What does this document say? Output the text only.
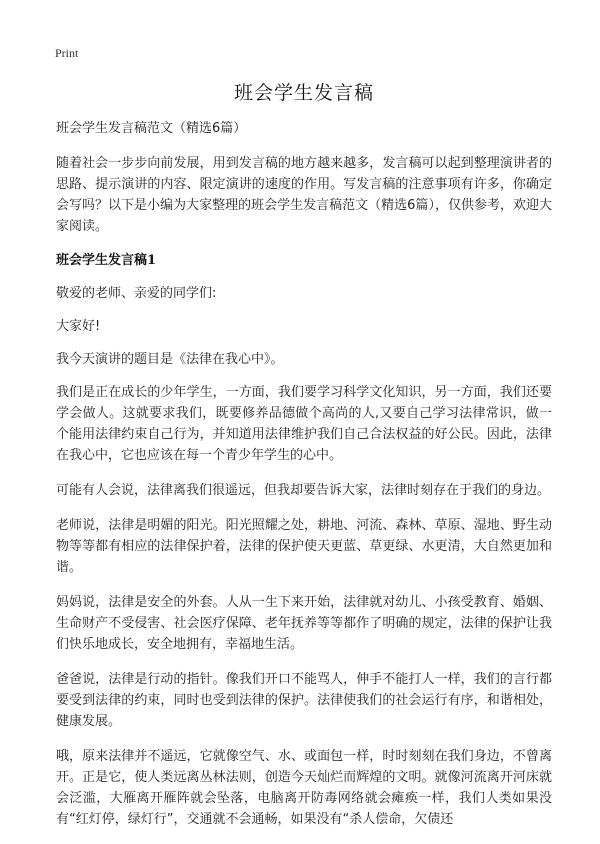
Print
班会学生发言稿
班会学生发言稿范文（精选6篇）

随着社会一步步向前发展，用到发言稿的地方越来越多，发言稿可以起到整理演讲者的思路、提示演讲的内容、限定演讲的速度的作用。写发言稿的注意事项有许多，你确定会写吗？以下是小编为大家整理的班会学生发言稿范文（精选6篇），仅供参考，欢迎大家阅读。

班会学生发言稿1

敬爱的老师、亲爱的同学们:

大家好!

我今天演讲的题目是《法律在我心中》。

我们是正在成长的少年学生，一方面，我们要学习科学文化知识，另一方面，我们还要学会做人。这就要求我们，既要修养品德做个高尚的人,又要自己学习法律常识，做一个能用法律约束自己行为，并知道用法律维护我们自己合法权益的好公民。因此，法律在我心中，它也应该在每一个青少年学生的心中。

可能有人会说，法律离我们很遥远，但我却要告诉大家，法律时刻存在于我们的身边。

老师说，法律是明媚的阳光。阳光照耀之处，耕地、河流、森林、草原、湿地、野生动物等等都有相应的法律保护着，法律的保护使天更蓝、草更绿、水更清，大自然更加和谐。

妈妈说，法律是安全的外套。人从一生下来开始，法律就对幼儿、小孩受教育、婚姻、生命财产不受侵害、社会医疗保障、老年抚养等等都作了明确的规定，法律的保护让我们快乐地成长，安全地拥有，幸福地生活。

爸爸说，法律是行动的指针。像我们开口不能骂人，伸手不能打人一样，我们的言行都要受到法律的约束，同时也受到法律的保护。法律使我们的社会运行有序，和谐相处，健康发展。

哦，原来法律并不遥远，它就像空气、水、或面包一样，时时刻刻在我们身边，不曾离开。正是它，使人类远离丛林法则，创造今天灿烂而辉煌的文明。就像河流离开河床就会泛滥，大雁离开雁阵就会坠落，电脑离开防毒网络就会瘫痪一样，我们人类如果没有“红灯停，绿灯行”，交通就不会通畅，如果没有“杀人偿命，欠债还
